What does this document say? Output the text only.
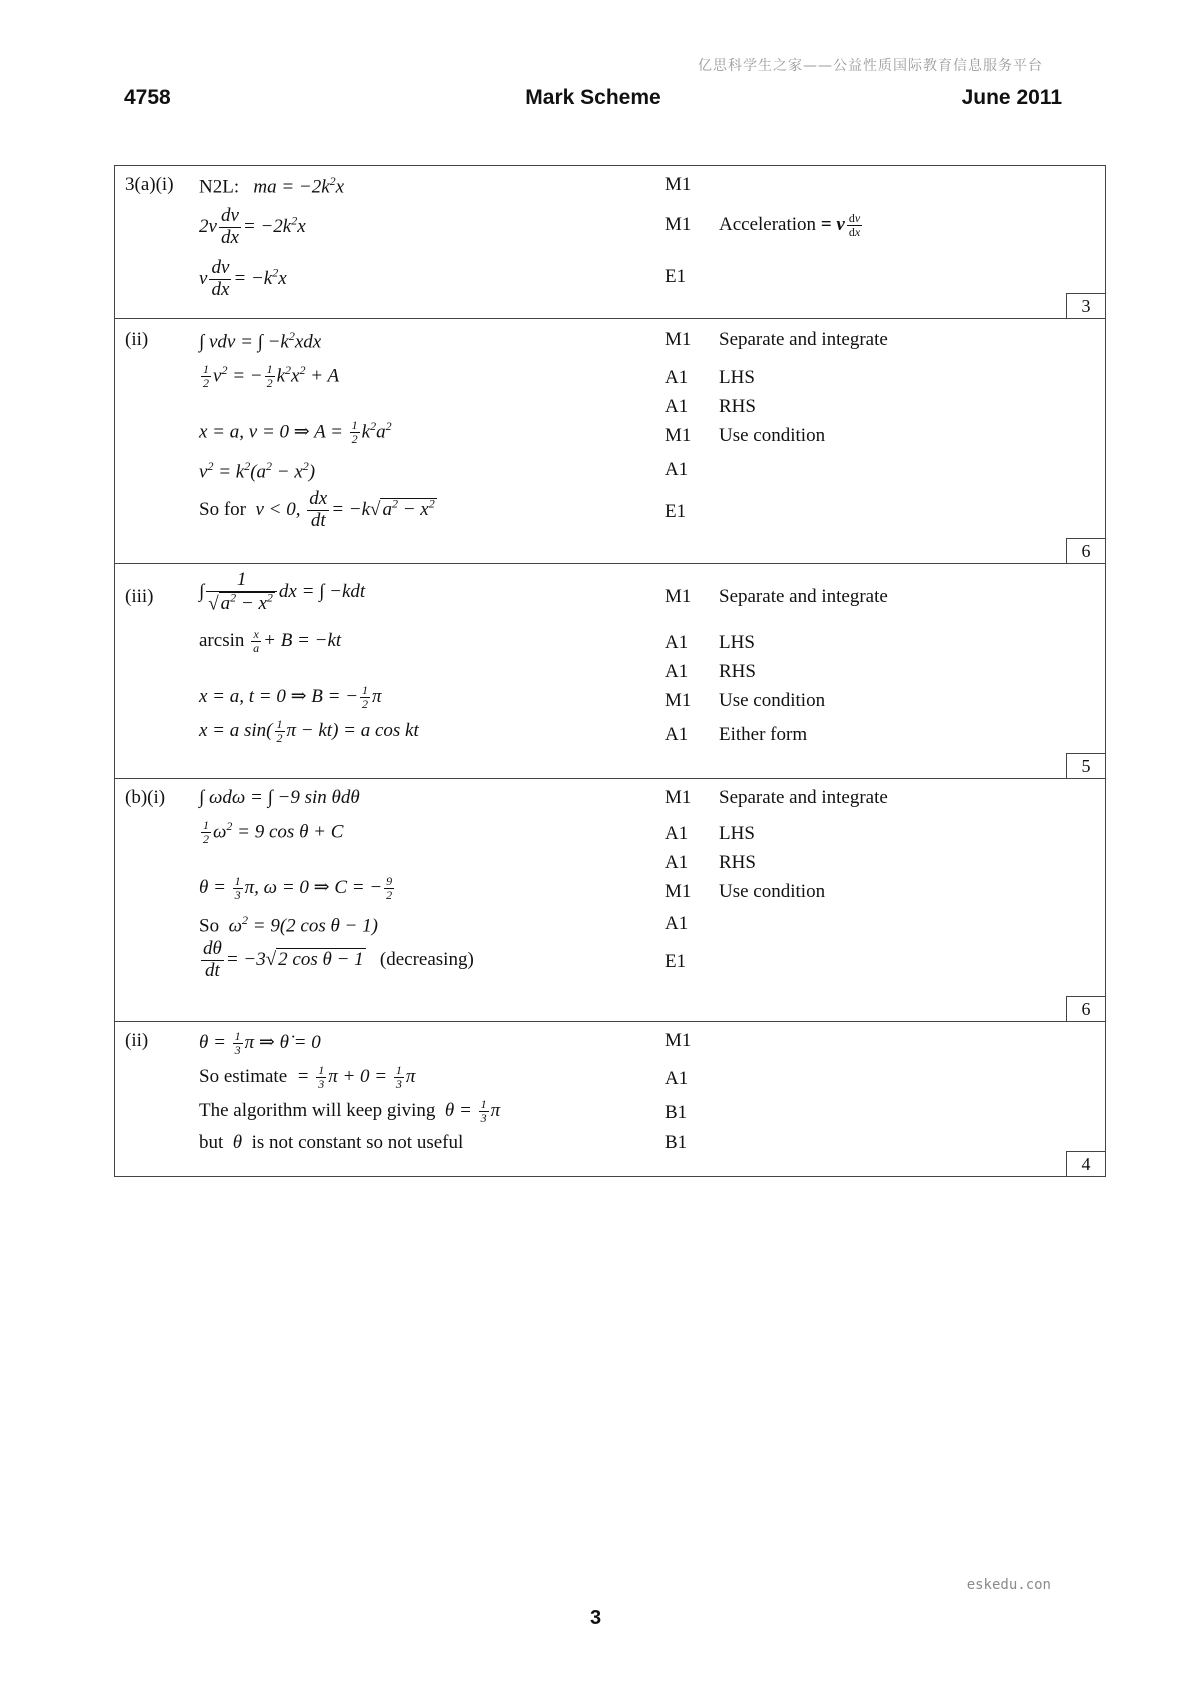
亿思科学生之家——公益性质国际教育信息服务平台
4758	Mark Scheme	June 2011
3(a)(i) N2L:   ma = $-2k^2x$	M1
$2v \frac{dv}{dx} = -2k^2x$	M1 Acceleration = v $\frac{dv}{dx}$
v $\frac{dv}{dx} = -k^2x$	E1
3
(ii)	∫ vdv = ∫ $-k^2xdx$	M1 Separate and integrate
$\frac{1}{2} v^2$ = − $\frac{1}{2} k^2x^2 + A$	A1 LHS
A1 RHS
x = a, v = 0 ⇒ $A = \frac{1}{2} k^2a^2$	M1 Use condition
$v^2 = k^2(a^2 - x^2)$	A1
So for  v < 0, $\frac{dx}{dt} = -k√$ $a^2 - x^2$	E1
6
(iii) ∫ $\frac{1}{√ a^2 - x^2}$ dx = ∫ −kdt	M1 Separate and integrate
$\arcsin \frac{x}{a} + B = -kt$	A1 LHS
A1 RHS
x = a, t = 0 ⇒ B = − $\frac{1}{2}$ π	M1 Use condition
x = a $\sin( \frac{1}{2}$ π − kt) = a cos kt	A1 Either form
5
(b)(i) ∫ ωdω = ∫ −9 sin θdθ	M1 Separate and integrate
$\frac{1}{2} \omega^2 = 9$ cos θ + C	A1 LHS
A1 RHS
$\theta = \frac{1}{3} \pi$, ω = 0 ⇒ C = − $\frac{9}{2}$	M1 Use condition
So  $\omega^2 = 9(2$ cos θ − 1)	A1
$\frac{d\theta}{dt} = -3√$ 2 cos θ − 1 (decreasing)	E1
6
(ii)	$\theta = \frac{1}{3}$ π ⇒ θ̇ = 0	M1
So estimate  = $\frac{1}{3}$ $\pi + 0 = \frac{1}{3}$ π	A1
The algorithm will keep giving  $\theta = \frac{1}{3}$ π	B1
but  θ  is not constant so not useful	B1
4
eskedu.con
3
